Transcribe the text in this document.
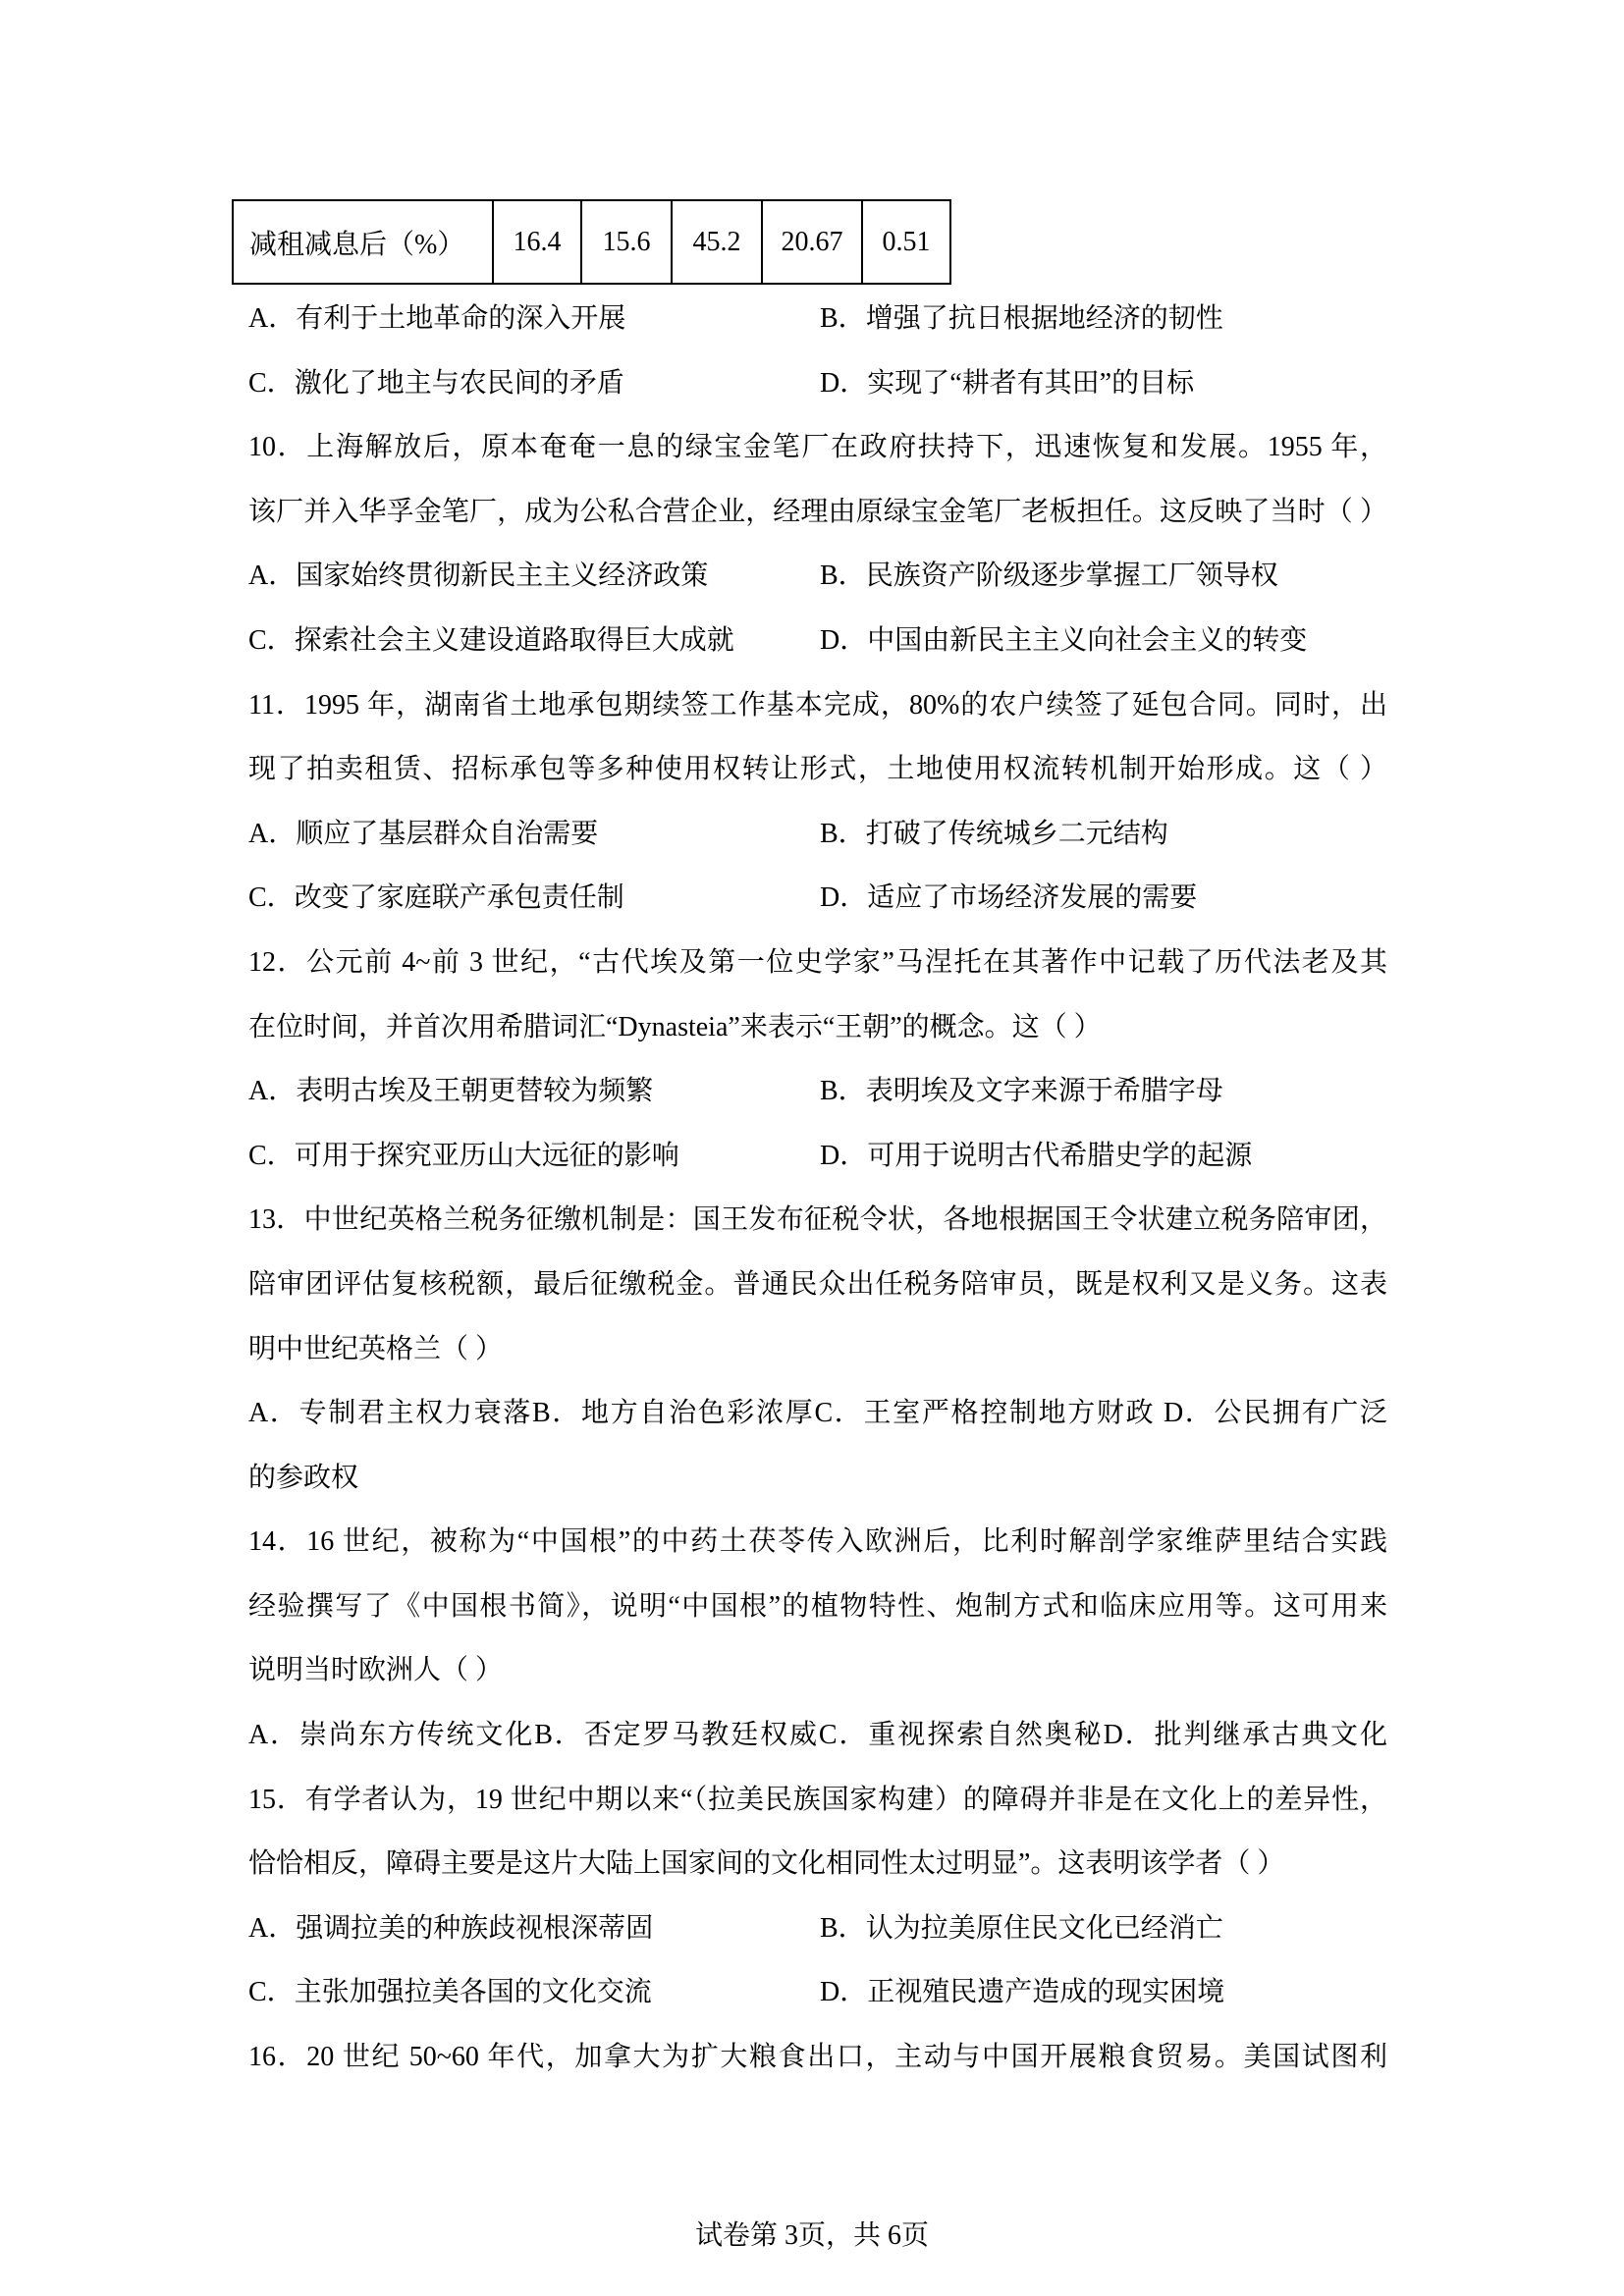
减租减息后（%）	16.4	15.6	45.2	20.67	0.51
A．有利于土地革命的深入开展	B．增强了抗日根据地经济的韧性
C．激化了地主与农民间的矛盾	D．实现了“耕者有其田”的目标
10．上海解放后，原本奄奄一息的绿宝金笔厂在政府扶持下，迅速恢复和发展。1955 年，
该厂并入华孚金笔厂，成为公私合营企业，经理由原绿宝金笔厂老板担任。这反映了当时（ ）
A．国家始终贯彻新民主主义经济政策	B．民族资产阶级逐步掌握工厂领导权
C．探索社会主义建设道路取得巨大成就	D．中国由新民主主义向社会主义的转变
11．1995 年，湖南省土地承包期续签工作基本完成，80%的农户续签了延包合同。同时，出
现了拍卖租赁、招标承包等多种使用权转让形式，土地使用权流转机制开始形成。这（ ）
A．顺应了基层群众自治需要	B．打破了传统城乡二元结构
C．改变了家庭联产承包责任制	D．适应了市场经济发展的需要
12．公元前 4~前 3 世纪，“古代埃及第一位史学家”马涅托在其著作中记载了历代法老及其
在位时间，并首次用希腊词汇“Dynasteia”来表示“王朝”的概念。这（ ）
A．表明古埃及王朝更替较为频繁	B．表明埃及文字来源于希腊字母
C．可用于探究亚历山大远征的影响	D．可用于说明古代希腊史学的起源
13．中世纪英格兰税务征缴机制是：国王发布征税令状，各地根据国王令状建立税务陪审团，
陪审团评估复核税额，最后征缴税金。普通民众出任税务陪审员，既是权利又是义务。这表
明中世纪英格兰（ ）
A．专制君主权力衰落B．地方自治色彩浓厚C．王室严格控制地方财政 D．公民拥有广泛
的参政权
14．16 世纪，被称为“中国根”的中药土茯苓传入欧洲后，比利时解剖学家维萨里结合实践
经验撰写了《中国根书简》，说明“中国根”的植物特性、炮制方式和临床应用等。这可用来
说明当时欧洲人（ ）
A．崇尚东方传统文化B．否定罗马教廷权威C．重视探索自然奥秘D．批判继承古典文化
15．有学者认为，19 世纪中期以来“（拉美民族国家构建）的障碍并非是在文化上的差异性，
恰恰相反，障碍主要是这片大陆上国家间的文化相同性太过明显”。这表明该学者（ ）
A．强调拉美的种族歧视根深蒂固	B．认为拉美原住民文化已经消亡
C．主张加强拉美各国的文化交流	D．正视殖民遗产造成的现实困境
16．20 世纪 50~60 年代，加拿大为扩大粮食出口，主动与中国开展粮食贸易。美国试图利
试卷第 3页，共 6页
